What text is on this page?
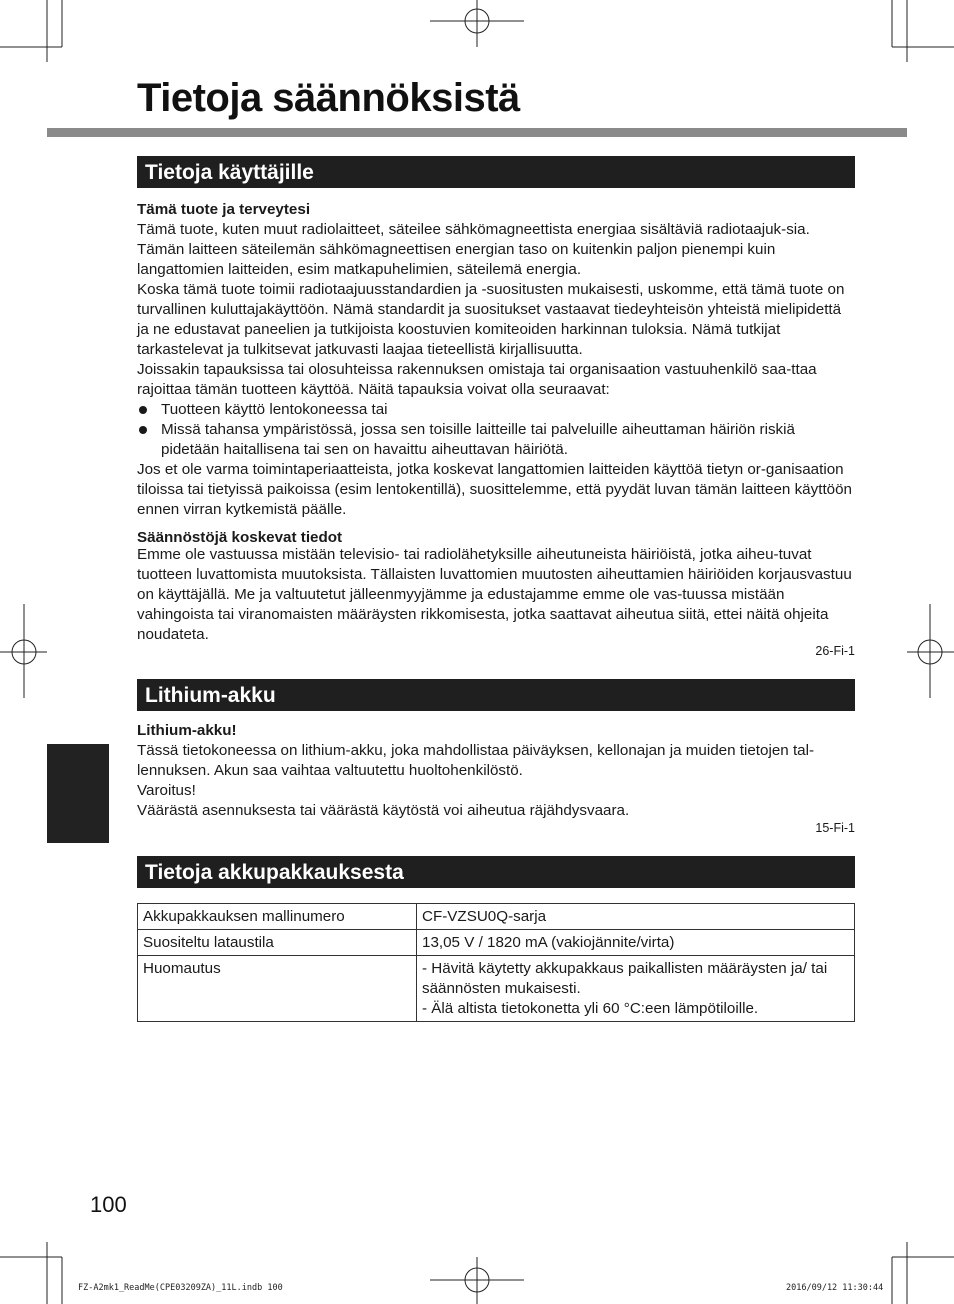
Tietoja säännöksistä
Tietoja käyttäjille

Tämä tuote ja terveytesi

Tämä tuote, kuten muut radiolaitteet, säteilee sähkömagneettista energiaa sisältäviä radiotaajuk-sia. Tämän laitteen säteilemän sähkömagneettisen energian taso on kuitenkin paljon pienempi kuin langattomien laitteiden, esim matkapuhelimien, säteilemä energia.

Koska tämä tuote toimii radiotaajuusstandardien ja -suositusten mukaisesti, uskomme, että tämä tuote on turvallinen kuluttajakäyttöön. Nämä standardit ja suositukset vastaavat tiedeyhteisön yhteistä mielipidettä ja ne edustavat paneelien ja tutkijoista koostuvien komiteoiden harkinnan tuloksia. Nämä tutkijat tarkastelevat ja tulkitsevat jatkuvasti laajaa tieteellistä kirjallisuutta.

Joissakin tapauksissa tai olosuhteissa rakennuksen omistaja tai organisaation vastuuhenkilö saa-ttaa rajoittaa tämän tuotteen käyttöä. Näitä tapauksia voivat olla seuraavat:

Tuotteen käyttö lentokoneessa tai
Missä tahansa ympäristössä, jossa sen toisille laitteille tai palveluille aiheuttaman häiriön riskiä pidetään haitallisena tai sen on havaittu aiheuttavan häiriötä.

Jos et ole varma toimintaperiaatteista, jotka koskevat langattomien laitteiden käyttöä tietyn or-ganisaation tiloissa tai tietyissä paikoissa (esim lentokentillä), suosittelemme, että pyydät luvan tämän laitteen käyttöön ennen virran kytkemistä päälle.

Säännöstöjä koskevat tiedot

Emme ole vastuussa mistään televisio- tai radiolähetyksille aiheutuneista häiriöistä, jotka aiheu-tuvat tuotteen luvattomista muutoksista. Tällaisten luvattomien muutosten aiheuttamien häiriöiden korjausvastuu on käyttäjällä. Me ja valtuutetut jälleenmyyjämme ja edustajamme emme ole vas-tuussa mistään vahingoista tai viranomaisten määräysten rikkomisesta, jotka saattavat aiheutua siitä, ettei näitä ohjeita noudateta.

26-Fi-1
Lithium-akku

Lithium-akku!

Tässä tietokoneessa on lithium-akku, joka mahdollistaa päiväyksen, kellonajan ja muiden tietojen tal-lennuksen. Akun saa vaihtaa valtuutettu huoltohenkilöstö.

Varoitus!

Väärästä asennuksesta tai väärästä käytöstä voi aiheutua räjähdysvaara.

15-Fi-1
Tietoja akkupakkauksesta
Akkupakkauksen mallinumero	CF-VZSU0Q-sarja
Suositeltu lataustila	13,05 V / 1820 mA (vakiojännite/virta)
Huomautus	- Hävitä käytetty akkupakkaus paikallisten määräysten ja/ tai säännösten mukaisesti.
- Älä altista tietokonetta yli 60 °C:een lämpötiloille.
100
FZ-A2mk1_ReadMe(CPE03209ZA)_11L.indb 100	2016/09/12 11:30:44
